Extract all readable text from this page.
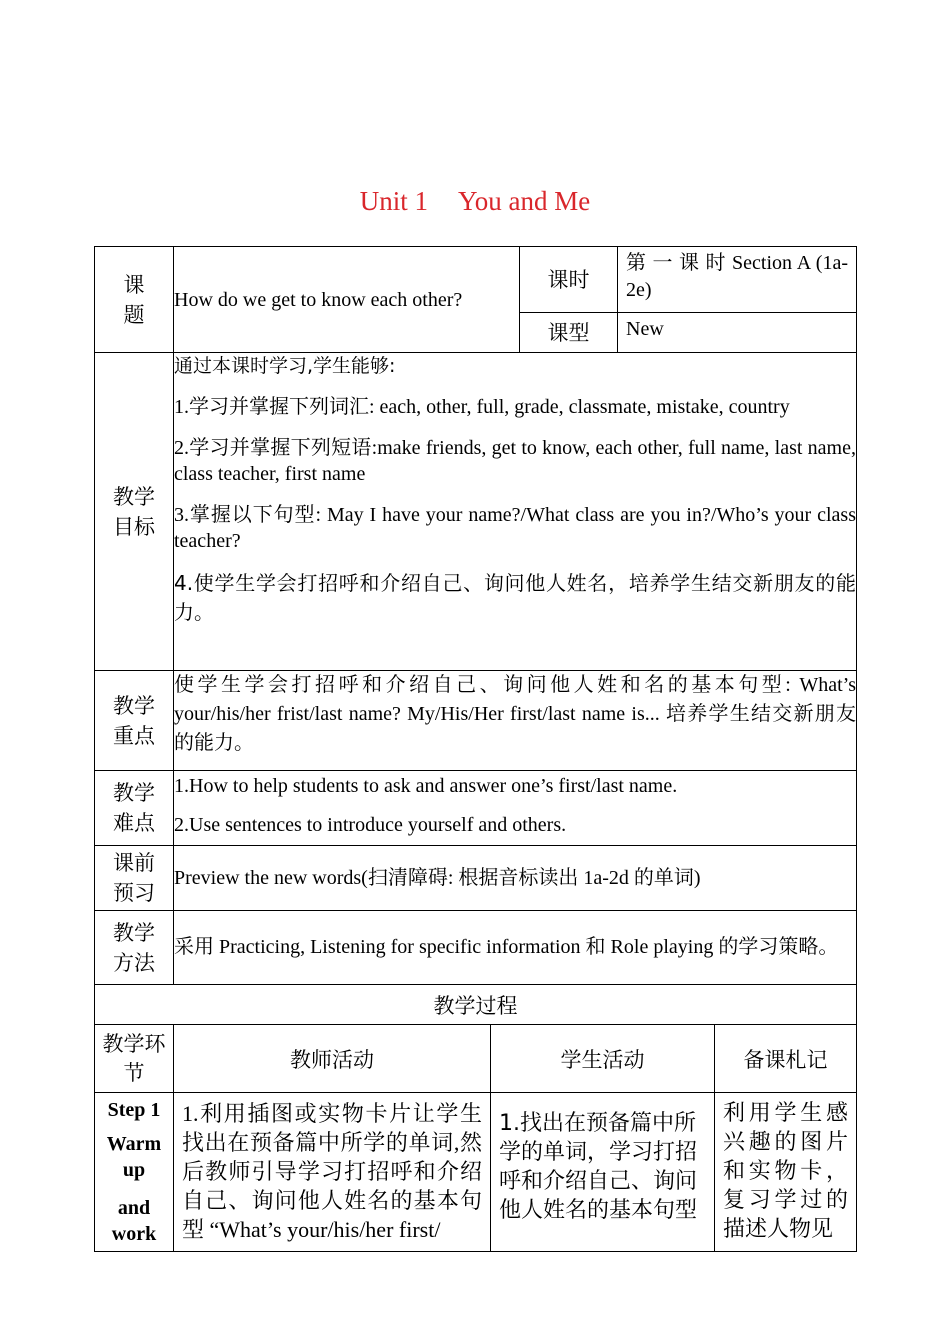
Unit 1 You and Me
课题	How do we get to know each other?		课时	第 一 课 时 Section A (1a-2e)	
			课型	New	
教学目标	通过本课时学习,学生能够:

1.学习并掌握下列词汇: each, other, full, grade, classmate, mistake, country

2.学习并掌握下列短语:make friends, get to know, each other, full name, last name, class teacher, first name

3.掌握以下句型: May I have your name?/What class are you in?/Who’s your class teacher?

4.使学生学会打招呼和介绍自己、询问他人姓名，培养学生结交新朋友的能力。				

教学重点	使学生学会打招呼和介绍自己、询问他人姓和名的基本句型: What’s your/his/her frist/last name? My/His/Her first/last name is... 培养学生结交新朋友的能力。				
教学难点	1.How to help students to ask and answer one’s first/last name.
2.Use sentences to introduce yourself and others.				

课前预习	Preview the new words(扫清障碍: 根据音标读出 1a-2d 的单词)				
教学方法	采用 Practicing, Listening for specific information 和 Role playing 的学习策略。				
教学过程					
教学环节	教师活动	学生活动			备课札记

Step 1
Warm
up
and
work	1.利用插图或实物卡片让学生找出在预备篇中所学的单词,然后教师引导学习打招呼和介绍自己、询问他人姓名的基本句型 “What’s your/his/her first/	1.找出在预备篇中所学的单词，学习打招呼和介绍自己、询问他人姓名的基本句型			利用学生感兴趣的图片和实物卡，复习学过的描述人物见
